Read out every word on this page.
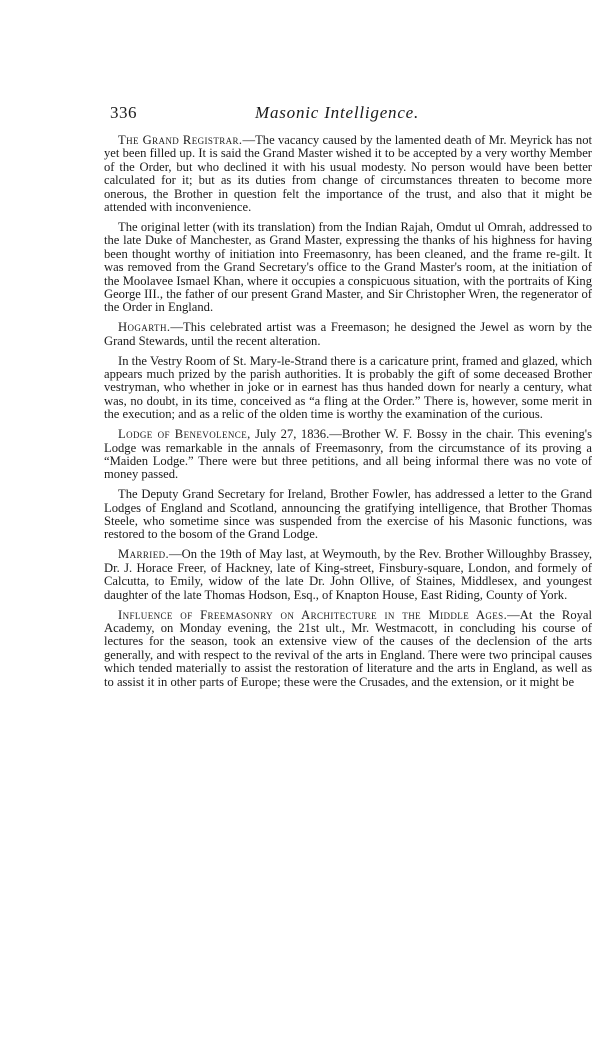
336	Masonic Intelligence.

The Grand Registrar.—The vacancy caused by the lamented death of Mr. Meyrick has not yet been filled up. It is said the Grand Master wished it to be accepted by a very worthy Member of the Order, but who declined it with his usual modesty. No person would have been better calculated for it; but as its duties from change of circumstances threaten to become more onerous, the Brother in question felt the importance of the trust, and also that it might be attended with inconvenience.

The original letter (with its translation) from the Indian Rajah, Omdut ul Omrah, addressed to the late Duke of Manchester, as Grand Master, expressing the thanks of his highness for having been thought worthy of initiation into Freemasonry, has been cleaned, and the frame re-gilt. It was removed from the Grand Secretary's office to the Grand Master's room, at the initiation of the Moolavee Ismael Khan, where it occupies a conspicuous situation, with the portraits of King George III., the father of our present Grand Master, and Sir Christopher Wren, the regenerator of the Order in England.

Hogarth.—This celebrated artist was a Freemason; he designed the Jewel as worn by the Grand Stewards, until the recent alteration.

In the Vestry Room of St. Mary-le-Strand there is a caricature print, framed and glazed, which appears much prized by the parish authorities. It is probably the gift of some deceased Brother vestryman, who whether in joke or in earnest has thus handed down for nearly a century, what was, no doubt, in its time, conceived as “a fling at the Order.” There is, however, some merit in the execution; and as a relic of the olden time is worthy the examination of the curious.

Lodge of Benevolence, July 27, 1836.—Brother W. F. Bossy in the chair. This evening's Lodge was remarkable in the annals of Freemasonry, from the circumstance of its proving a “Maiden Lodge.” There were but three petitions, and all being informal there was no vote of money passed.

The Deputy Grand Secretary for Ireland, Brother Fowler, has addressed a letter to the Grand Lodges of England and Scotland, announcing the gratifying intelligence, that Brother Thomas Steele, who sometime since was suspended from the exercise of his Masonic functions, was restored to the bosom of the Grand Lodge.

Married.—On the 19th of May last, at Weymouth, by the Rev. Brother Willoughby Brassey, Dr. J. Horace Freer, of Hackney, late of King-street, Finsbury-square, London, and formely of Calcutta, to Emily, widow of the late Dr. John Ollive, of Staines, Middlesex, and youngest daughter of the late Thomas Hodson, Esq., of Knapton House, East Riding, County of York.

Influence of Freemasonry on Architecture in the Middle Ages.—At the Royal Academy, on Monday evening, the 21st ult., Mr. Westmacott, in concluding his course of lectures for the season, took an extensive view of the causes of the declension of the arts generally, and with respect to the revival of the arts in England. There were two principal causes which tended materially to assist the restoration of literature and the arts in England, as well as to assist it in other parts of Europe; these were the Crusades, and the extension, or it might be
